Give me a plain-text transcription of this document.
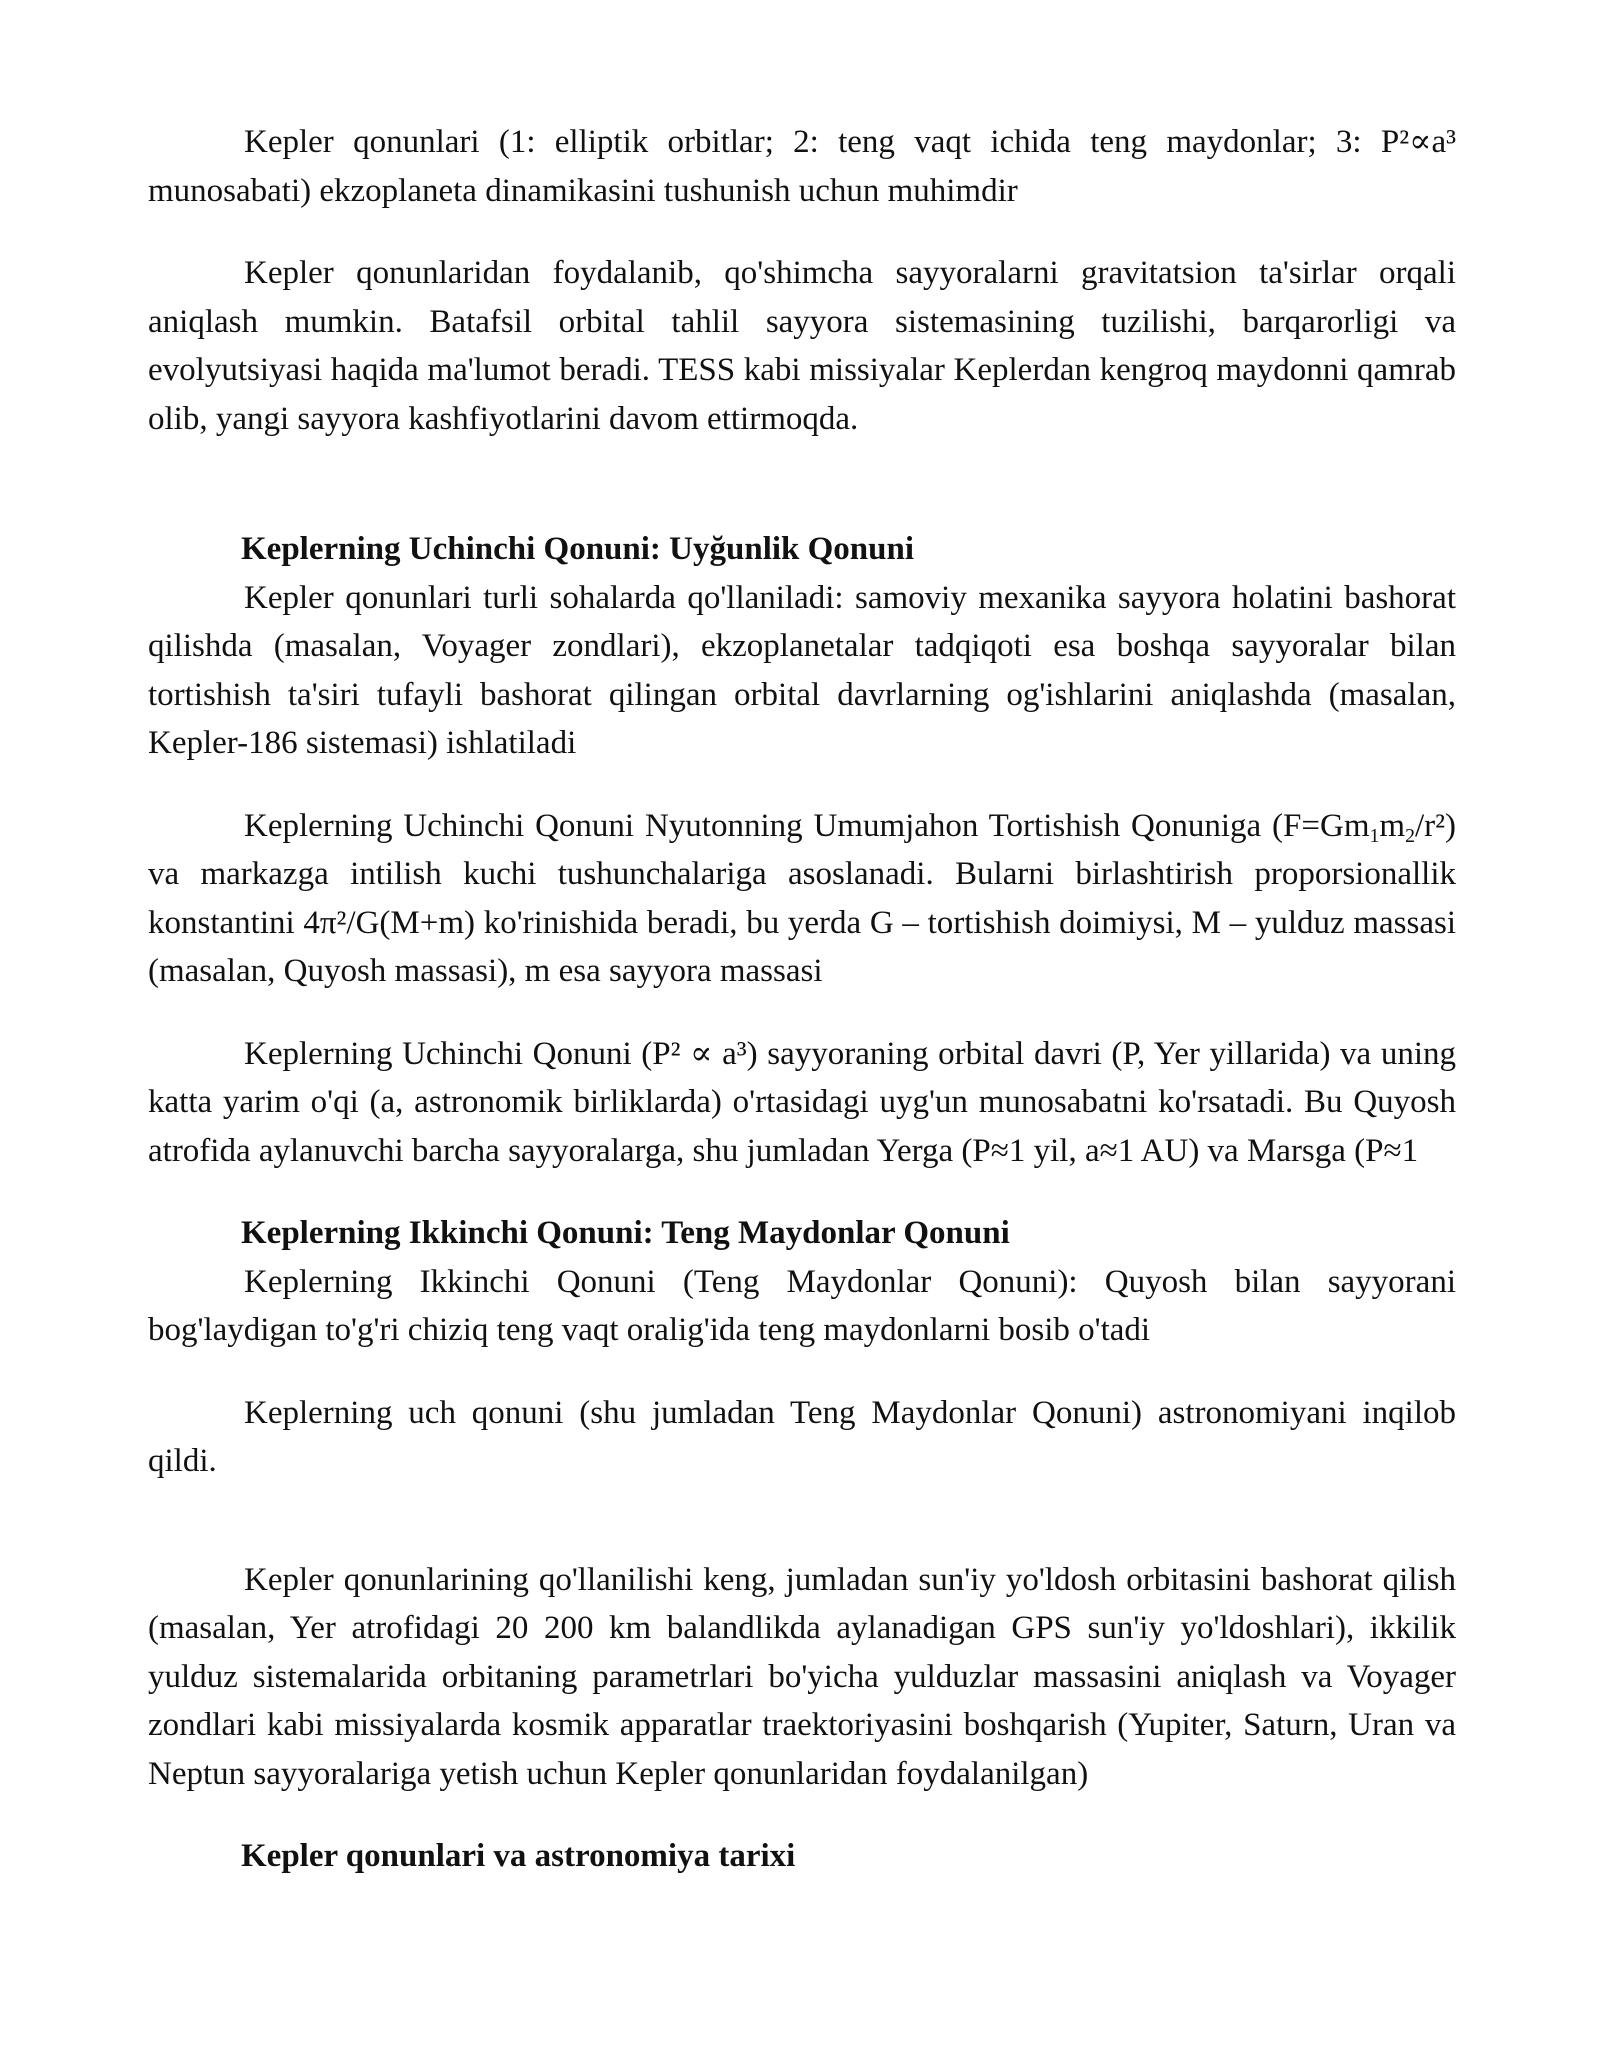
Kepler qonunlari (1: elliptik orbitlar; 2: teng vaqt ichida teng maydonlar; 3: P²∝a³ munosabati) ekzoplaneta dinamikasini tushunish uchun muhimdir

Kepler qonunlaridan foydalanib, qo'shimcha sayyoralarni gravitatsion ta'sirlar orqali aniqlash mumkin. Batafsil orbital tahlil sayyora sistemasining tuzilishi, barqarorligi va evolyutsiyasi haqida ma'lumot beradi. TESS kabi missiyalar Keplerdan kengroq maydonni qamrab olib, yangi sayyora kashfiyotlarini davom ettirmoqda.

Keplerning Uchinchi Qonuni: Uyğunlik Qonuni

Kepler qonunlari turli sohalarda qo'llaniladi: samoviy mexanika sayyora holatini bashorat qilishda (masalan, Voyager zondlari), ekzoplanetalar tadqiqoti esa boshqa sayyoralar bilan tortishish ta'siri tufayli bashorat qilingan orbital davrlarning og'ishlarini aniqlashda (masalan, Kepler-186 sistemasi) ishlatiladi

Keplerning Uchinchi Qonuni Nyutonning Umumjahon Tortishish Qonuniga $(F=Gm_1m_2/r^2)$ va markazga intilish kuchi tushunchalariga asoslanadi. Bularni birlashtirish proporsionallik konstantini 4π²/G(M+m) ko'rinishida beradi, bu yerda G – tortishish doimiysi, M – yulduz massasi (masalan, Quyosh massasi), m esa sayyora massasi

Keplerning Uchinchi Qonuni (P² ∝ a³) sayyoraning orbital davri (P, Yer yillarida) va uning katta yarim o'qi (a, astronomik birliklarda) o'rtasidagi uyg'un munosabatni ko'rsatadi. Bu Quyosh atrofida aylanuvchi barcha sayyoralarga, shu jumladan Yerga (P≈1 yil, a≈1 AU) va Marsga (P≈1

Keplerning Ikkinchi Qonuni: Teng Maydonlar Qonuni

Keplerning Ikkinchi Qonuni (Teng Maydonlar Qonuni): Quyosh bilan sayyorani bog'laydigan to'g'ri chiziq teng vaqt oralig'ida teng maydonlarni bosib o'tadi

Keplerning uch qonuni (shu jumladan Teng Maydonlar Qonuni) astronomiyani inqilob qildi.

Kepler qonunlarining qo'llanilishi keng, jumladan sun'iy yo'ldosh orbitasini bashorat qilish (masalan, Yer atrofidagi 20 200 km balandlikda aylanadigan GPS sun'iy yo'ldoshlari), ikkilik yulduz sistemalarida orbitaning parametrlari bo'yicha yulduzlar massasini aniqlash va Voyager zondlari kabi missiyalarda kosmik apparatlar traektoriyasini boshqarish (Yupiter, Saturn, Uran va Neptun sayyoralariga yetish uchun Kepler qonunlaridan foydalanilgan)

Kepler qonunlari va astronomiya tarixi
